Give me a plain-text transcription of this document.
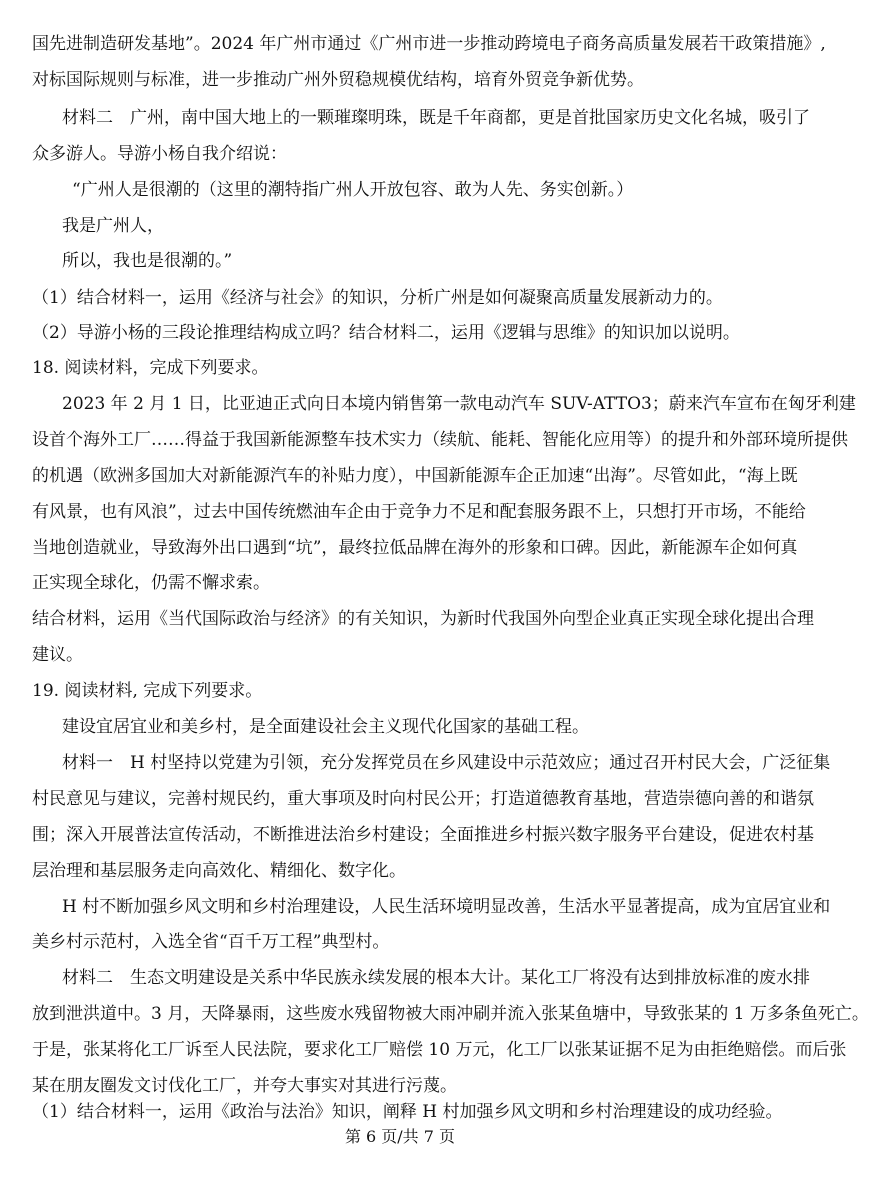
国先进制造研发基地”。2024 年广州市通过《广州市进一步推动跨境电子商务高质量发展若干政策措施》,
对标国际规则与标准，进一步推动广州外贸稳规模优结构，培育外贸竞争新优势。
材料二　广州，南中国大地上的一颗璀璨明珠，既是千年商都，更是首批国家历史文化名城，吸引了
众多游人。导游小杨自我介绍说：
“广州人是很潮的（这里的潮特指广州人开放包容、敢为人先、务实创新。）
我是广州人，
所以，我也是很潮的。”
（1）结合材料一，运用《经济与社会》的知识，分析广州是如何凝聚高质量发展新动力的。
（2）导游小杨的三段论推理结构成立吗？结合材料二，运用《逻辑与思维》的知识加以说明。
18. 阅读材料，完成下列要求。
2023 年 2 月 1 日，比亚迪正式向日本境内销售第一款电动汽车 SUV-ATTO3；蔚来汽车宣布在匈牙利建
设首个海外工厂……得益于我国新能源整车技术实力（续航、能耗、智能化应用等）的提升和外部环境所提供
的机遇（欧洲多国加大对新能源汽车的补贴力度），中国新能源车企正加速“出海”。尽管如此，“海上既
有风景，也有风浪”，过去中国传统燃油车企由于竞争力不足和配套服务跟不上，只想打开市场，不能给
当地创造就业，导致海外出口遇到“坑”，最终拉低品牌在海外的形象和口碑。因此，新能源车企如何真
正实现全球化，仍需不懈求索。
结合材料，运用《当代国际政治与经济》的有关知识，为新时代我国外向型企业真正实现全球化提出合理
建议。
19. 阅读材料, 完成下列要求。
建设宜居宜业和美乡村，是全面建设社会主义现代化国家的基础工程。
材料一　H 村坚持以党建为引领，充分发挥党员在乡风建设中示范效应；通过召开村民大会，广泛征集
村民意见与建议，完善村规民约，重大事项及时向村民公开；打造道德教育基地，营造崇德向善的和谐氛
围；深入开展普法宣传活动，不断推进法治乡村建设；全面推进乡村振兴数字服务平台建设，促进农村基
层治理和基层服务走向高效化、精细化、数字化。
H 村不断加强乡风文明和乡村治理建设，人民生活环境明显改善，生活水平显著提高，成为宜居宜业和
美乡村示范村，入选全省“百千万工程”典型村。
材料二　生态文明建设是关系中华民族永续发展的根本大计。某化工厂将没有达到排放标准的废水排
放到泄洪道中。3 月，天降暴雨，这些废水残留物被大雨冲刷并流入张某鱼塘中，导致张某的 1 万多条鱼死亡。
于是，张某将化工厂诉至人民法院，要求化工厂赔偿 10 万元，化工厂以张某证据不足为由拒绝赔偿。而后张
某在朋友圈发文讨伐化工厂，并夸大事实对其进行污蔑。
（1）结合材料一，运用《政治与法治》知识，阐释 H 村加强乡风文明和乡村治理建设的成功经验。
第 6 页/共 7 页
